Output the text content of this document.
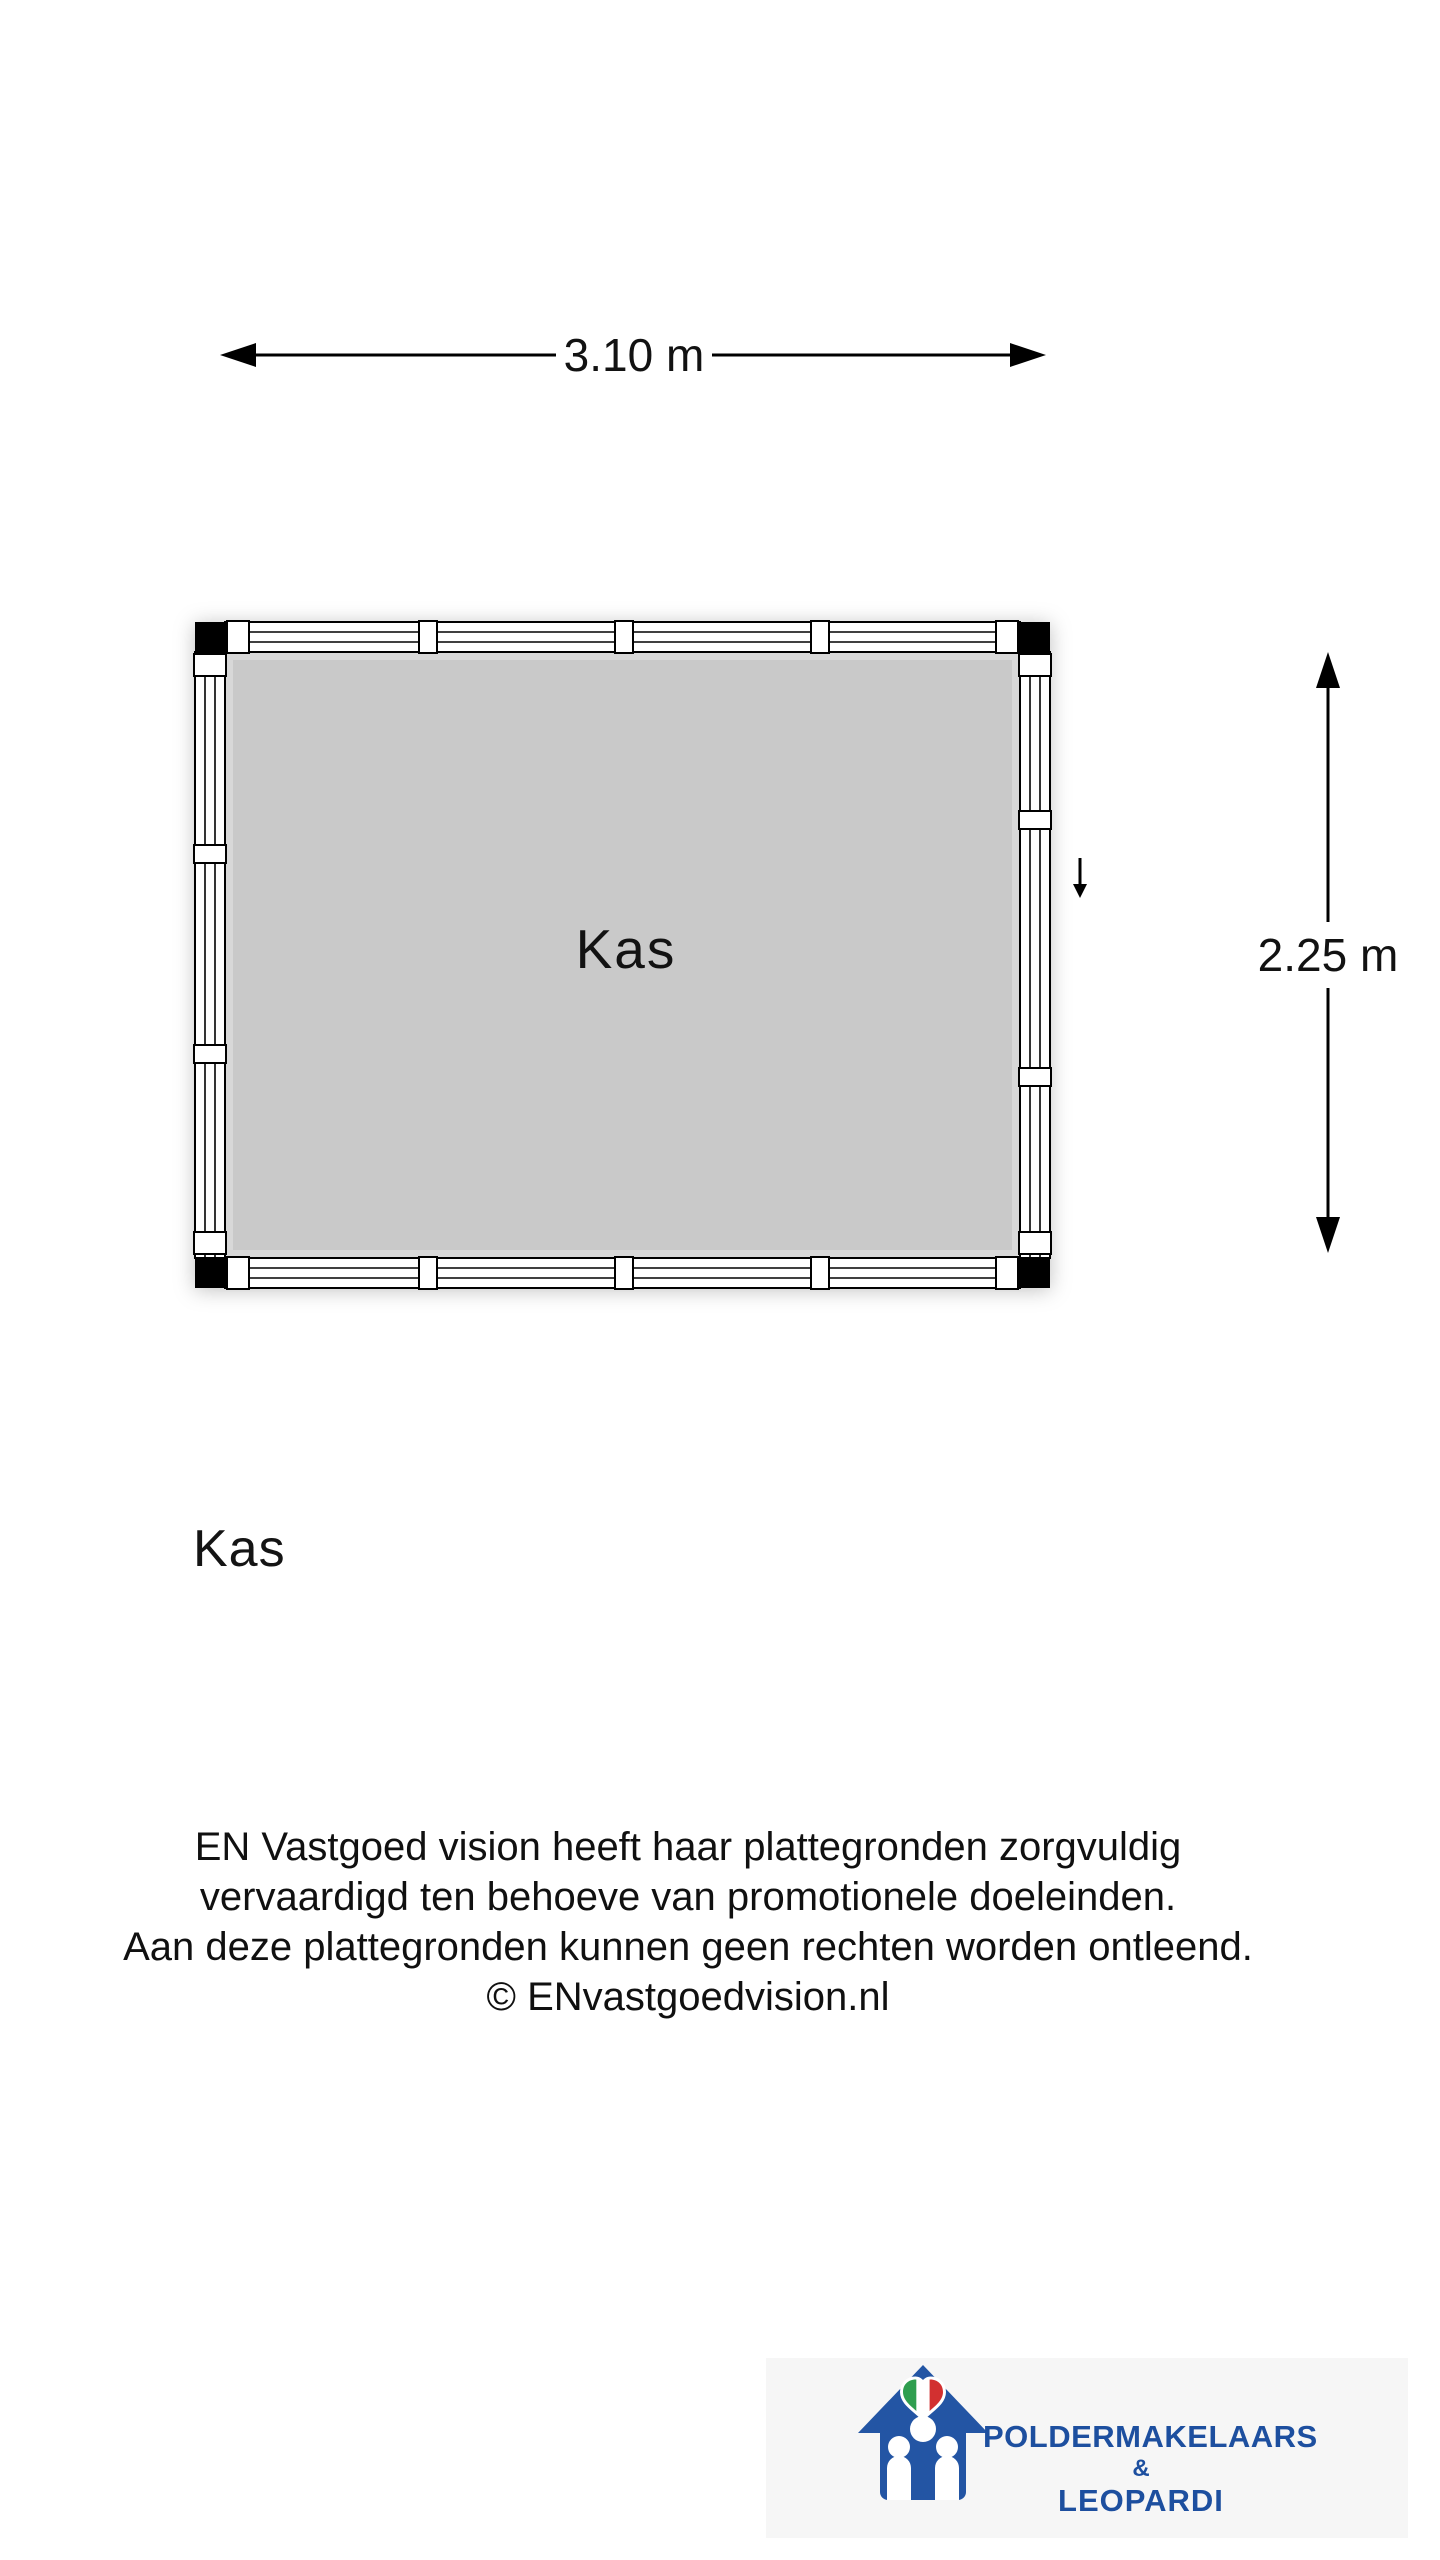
Kas
3.10 m
2.25 m
Kas
EN Vastgoed vision heeft haar plattegronden zorgvuldig
vervaardigd ten behoeve van promotionele doeleinden.
Aan deze plattegronden kunnen geen rechten worden ontleend.
© ENvastgoedvision.nl
POLDERMAKELAARS
&
LEOPARDI
